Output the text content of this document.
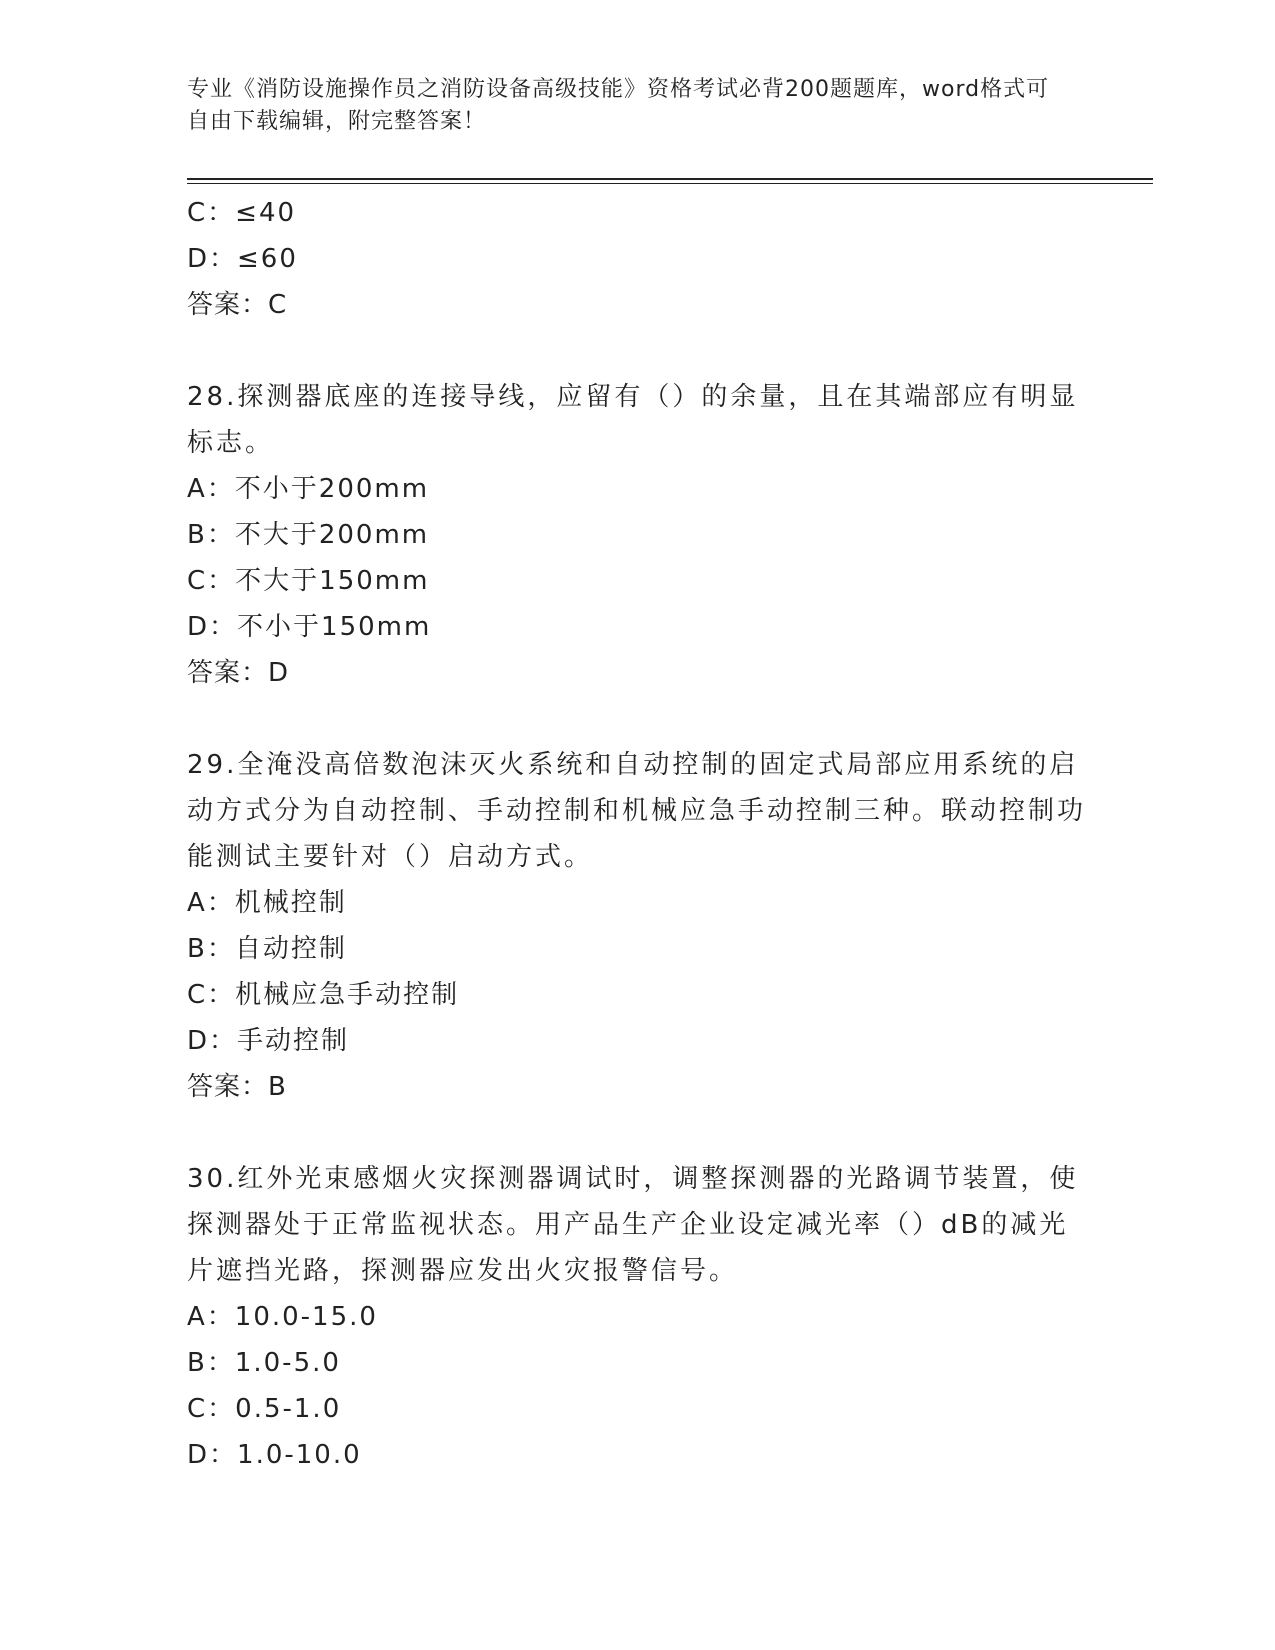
专业《消防设施操作员之消防设备高级技能》资格考试必背200题题库，word格式可自由下载编辑，附完整答案！

C：≤40

D：≤60

答案：C

28.探测器底座的连接导线，应留有（）的余量，且在其端部应有明显标志。

A：不小于200mm

B：不大于200mm

C：不大于150mm

D：不小于150mm

答案：D

29.全淹没高倍数泡沫灭火系统和自动控制的固定式局部应用系统的启动方式分为自动控制、手动控制和机械应急手动控制三种。联动控制功能测试主要针对（）启动方式。

A：机械控制

B：自动控制

C：机械应急手动控制

D：手动控制

答案：B

30.红外光束感烟火灾探测器调试时，调整探测器的光路调节装置，使探测器处于正常监视状态。用产品生产企业设定减光率（）dB的减光片遮挡光路，探测器应发出火灾报警信号。

A：10.0-15.0

B：1.0-5.0

C：0.5-1.0

D：1.0-10.0
